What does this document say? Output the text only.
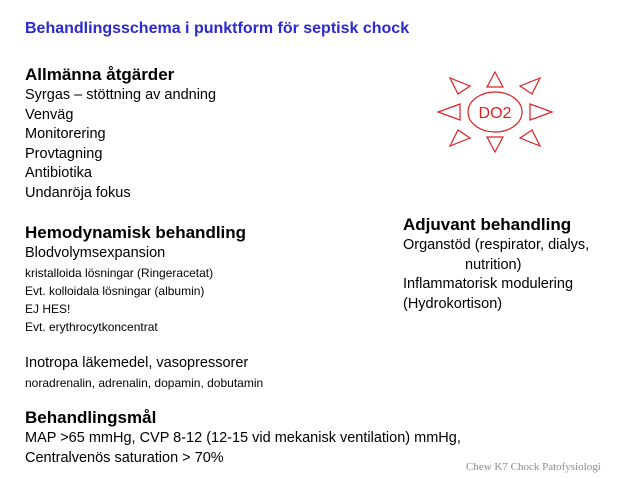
Behandlingsschema i punktform för septisk chock
Allmänna åtgärder
Syrgas – stöttning av andning
Venväg
Monitorering
Provtagning
Antibiotika
Undanröja fokus
Hemodynamisk behandling
Blodvolymsexpansion
kristalloida lösningar (Ringeracetat)
Evt. kolloidala lösningar (albumin)
EJ HES!
Evt. erythrocytkoncentrat
Inotropa läkemedel, vasopressorer
noradrenalin, adrenalin, dopamin, dobutamin
Adjuvant behandling
Organstöd (respirator, dialys,
nutrition)
Inflammatorisk modulering
(Hydrokortison)
Behandlingsmål
MAP >65 mmHg, CVP 8-12 (12-15 vid mekanisk ventilation) mmHg,
Centralvenös saturation > 70%
DO2
Chew K7 Chock Patofysiologi
